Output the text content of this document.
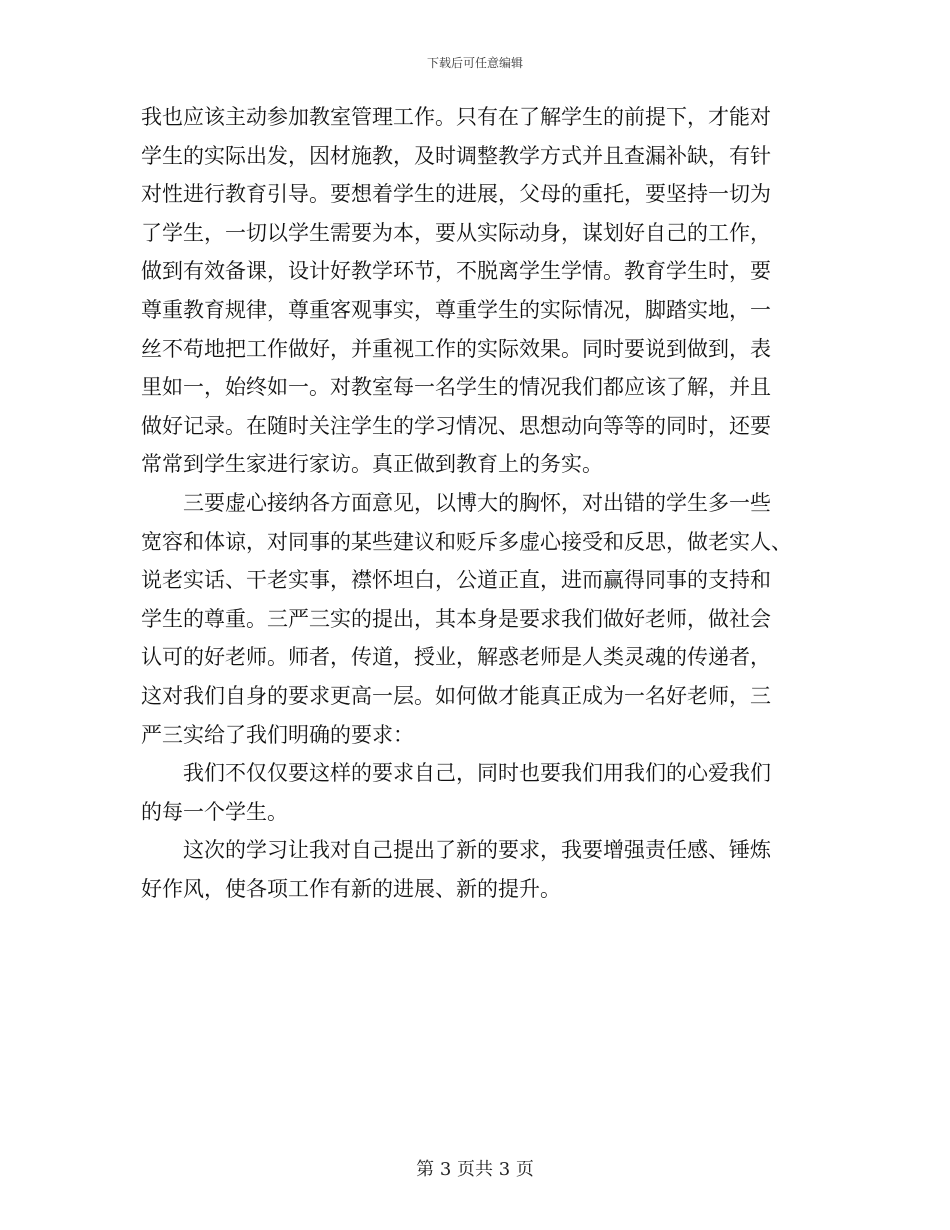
下载后可任意编辑

我也应该主动参加教室管理工作。只有在了解学生的前提下，才能对
学生的实际出发，因材施教，及时调整教学方式并且查漏补缺，有针
对性进行教育引导。要想着学生的进展，父母的重托，要坚持一切为
了学生，一切以学生需要为本，要从实际动身，谋划好自己的工作，
做到有效备课，设计好教学环节，不脱离学生学情。教育学生时，要
尊重教育规律，尊重客观事实，尊重学生的实际情况，脚踏实地，一
丝不苟地把工作做好，并重视工作的实际效果。同时要说到做到，表
里如一，始终如一。对教室每一名学生的情况我们都应该了解，并且
做好记录。在随时关注学生的学习情况、思想动向等等的同时，还要
常常到学生家进行家访。真正做到教育上的务实。

三要虚心接纳各方面意见，以博大的胸怀，对出错的学生多一些
宽容和体谅，对同事的某些建议和贬斥多虚心接受和反思，做老实人、
说老实话、干老实事，襟怀坦白，公道正直，进而赢得同事的支持和
学生的尊重。三严三实的提出，其本身是要求我们做好老师，做社会
认可的好老师。师者，传道，授业，解惑老师是人类灵魂的传递者，
这对我们自身的要求更高一层。如何做才能真正成为一名好老师，三
严三实给了我们明确的要求：

我们不仅仅要这样的要求自己，同时也要我们用我们的心爱我们
的每一个学生。

这次的学习让我对自己提出了新的要求，我要增强责任感、锤炼
好作风，使各项工作有新的进展、新的提升。

第 3 页共 3 页
